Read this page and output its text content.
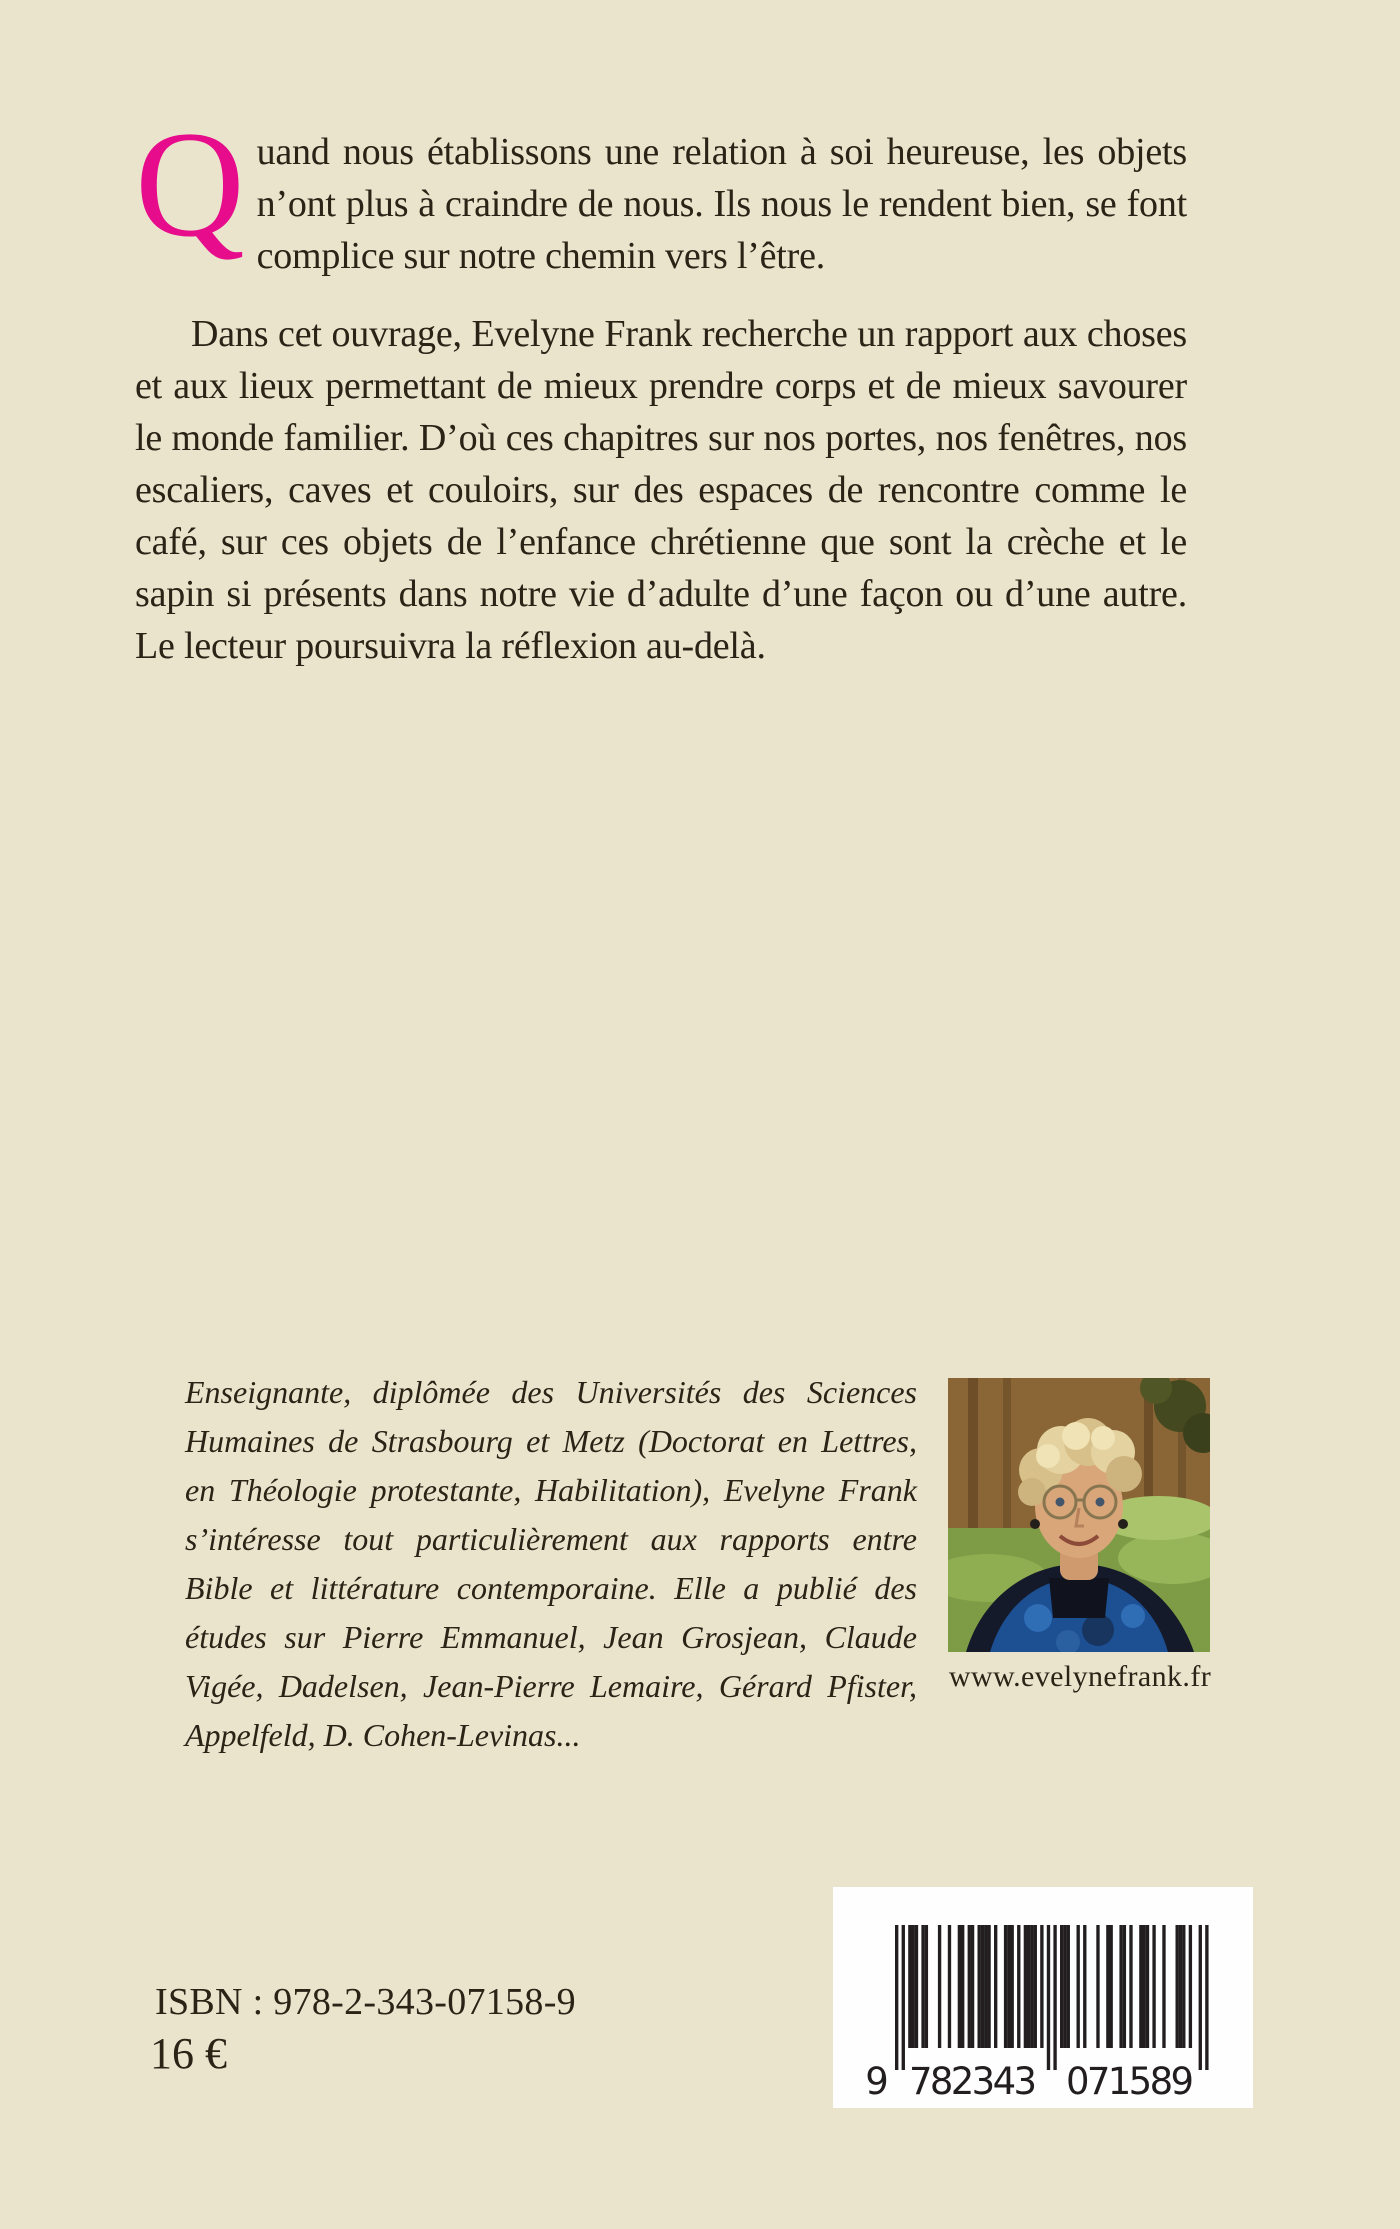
Quand nous établissons une relation à soi heureuse, les objets n’ont plus à craindre de nous. Ils nous le rendent bien, se font complice sur notre chemin vers l’être.

Dans cet ouvrage, Evelyne Frank recherche un rapport aux choses et aux lieux permettant de mieux prendre corps et de mieux savourer le monde familier. D’où ces chapitres sur nos portes, nos fenêtres, nos escaliers, caves et couloirs, sur des espaces de rencontre comme le café, sur ces objets de l’enfance chrétienne que sont la crèche et le sapin si présents dans notre vie d’adulte d’une façon ou d’une autre. Le lecteur poursuivra la réflexion au-delà.

Enseignante, diplômée des Universités des Sciences Humaines de Strasbourg et Metz (Doctorat en Lettres, en Théologie protestante, Habilitation), Evelyne Frank s’intéresse tout particulièrement aux rapports entre Bible et littérature contemporaine. Elle a publié des études sur Pierre Emmanuel, Jean Grosjean, Claude Vigée, Dadelsen, Jean-Pierre Lemaire, Gérard Pfister, Appelfeld, D. Cohen-Levinas...

www.evelynefrank.fr
ISBN : 978-2-343-07158-9
16 €
9 782343 071589
